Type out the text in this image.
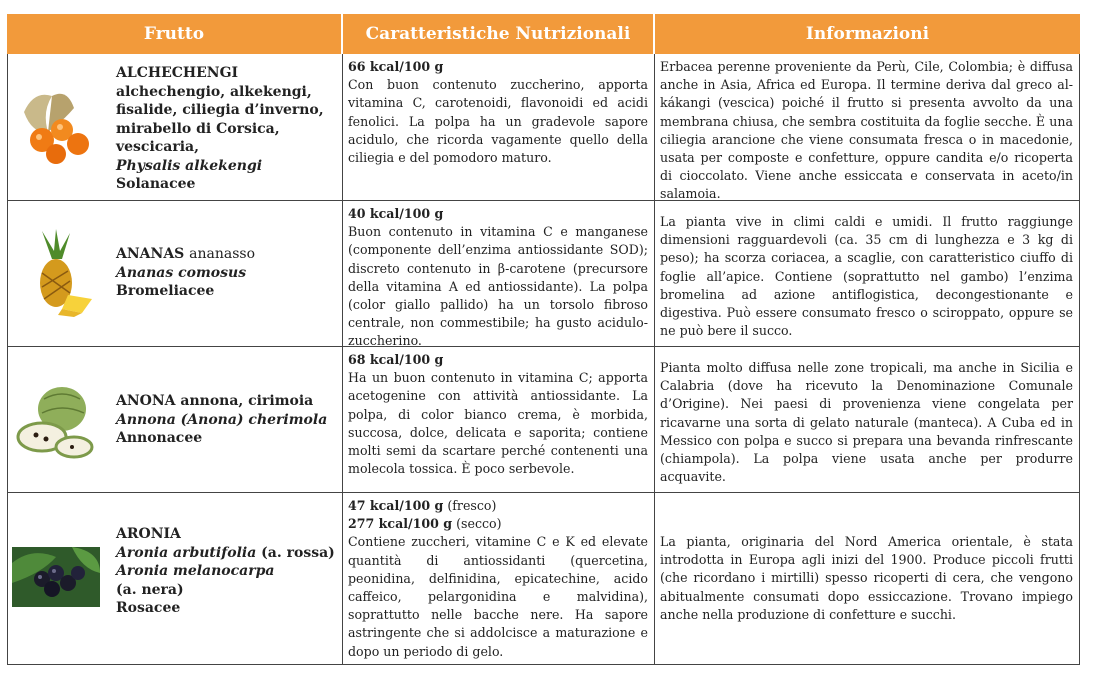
Frutto	Caratteristiche Nutrizionali	Informazioni
ALCHECHENGI
alchechengio, alkekengi,
fisalide, ciliegia d’inverno,
mirabello di Corsica,
vescicaria,
Physalis alkekengi
Solanacee
66 kcal/100 g
Con buon contenuto zuccherino, apporta vitamina C, carotenoidi, flavonoidi ed acidi fenolici. La polpa ha un gradevole sapore acidulo, che ricorda vagamente quello della ciliegia e del pomodoro maturo.
Erbacea perenne proveniente da Perù, Cile, Colombia; è diffusa anche in Asia, Africa ed Europa. Il termine deriva dal greco al-kákangi (vescica) poiché il frutto si presenta avvolto da una membrana chiusa, che sembra costituita da foglie secche. È una ciliegia arancione che viene consumata fresca o in macedonie, usata per composte e confetture, oppure candita e/o ricoperta di cioccolato. Viene anche essiccata e conservata in aceto/in salamoia.
ANANAS ananasso
Ananas comosus
Bromeliacee
40 kcal/100 g
Buon contenuto in vitamina C e manganese (componente dell’enzima antiossidante SOD); discreto contenuto in β-carotene (precursore della vitamina A ed antiossidante). La polpa (color giallo pallido) ha un torsolo fibroso centrale, non commestibile; ha gusto acidulo-zuccherino.
La pianta vive in climi caldi e umidi. Il frutto raggiunge dimensioni ragguardevoli (ca. 35 cm di lunghezza e 3 kg di peso); ha scorza coriacea, a scaglie, con caratteristico ciuffo di foglie all’apice. Contiene (soprattutto nel gambo) l’enzima bromelina ad azione antiflogistica, decongestionante e digestiva. Può essere consumato fresco o sciroppato, oppure se ne può bere il succo.
ANONA annona, cirimoia
Annona (Anona) cherimola
Annonacee
68 kcal/100 g
Ha un buon contenuto in vitamina C; apporta acetogenine con attività antiossidante. La polpa, di color bianco crema, è morbida, succosa, dolce, delicata e saporita; contiene molti semi da scartare perché contenenti una molecola tossica. È poco serbevole.
Pianta molto diffusa nelle zone tropicali, ma anche in Sicilia e Calabria (dove ha ricevuto la Denominazione Comunale d’Origine). Nei paesi di provenienza viene congelata per ricavarne una sorta di gelato naturale (manteca). A Cuba ed in Messico con polpa e succo si prepara una bevanda rinfrescante (chiampola). La polpa viene usata anche per produrre acquavite.
ARONIA
Aronia arbutifolia (a. rossa)
Aronia melanocarpa
(a. nera)
Rosacee
47 kcal/100 g (fresco)
277 kcal/100 g (secco)
Contiene zuccheri, vitamine C e K ed elevate quantità di antiossidanti (quercetina, peonidina, delfinidina, epicatechine, acido caffeico, pelargonidina e malvidina), soprattutto nelle bacche nere. Ha sapore astringente che si addolcisce a maturazione e dopo un periodo di gelo.
La pianta, originaria del Nord America orientale, è stata introdotta in Europa agli inizi del 1900. Produce piccoli frutti (che ricordano i mirtilli) spesso ricoperti di cera, che vengono abitualmente consumati dopo essiccazione. Trovano impiego anche nella produzione di confetture e succhi.
